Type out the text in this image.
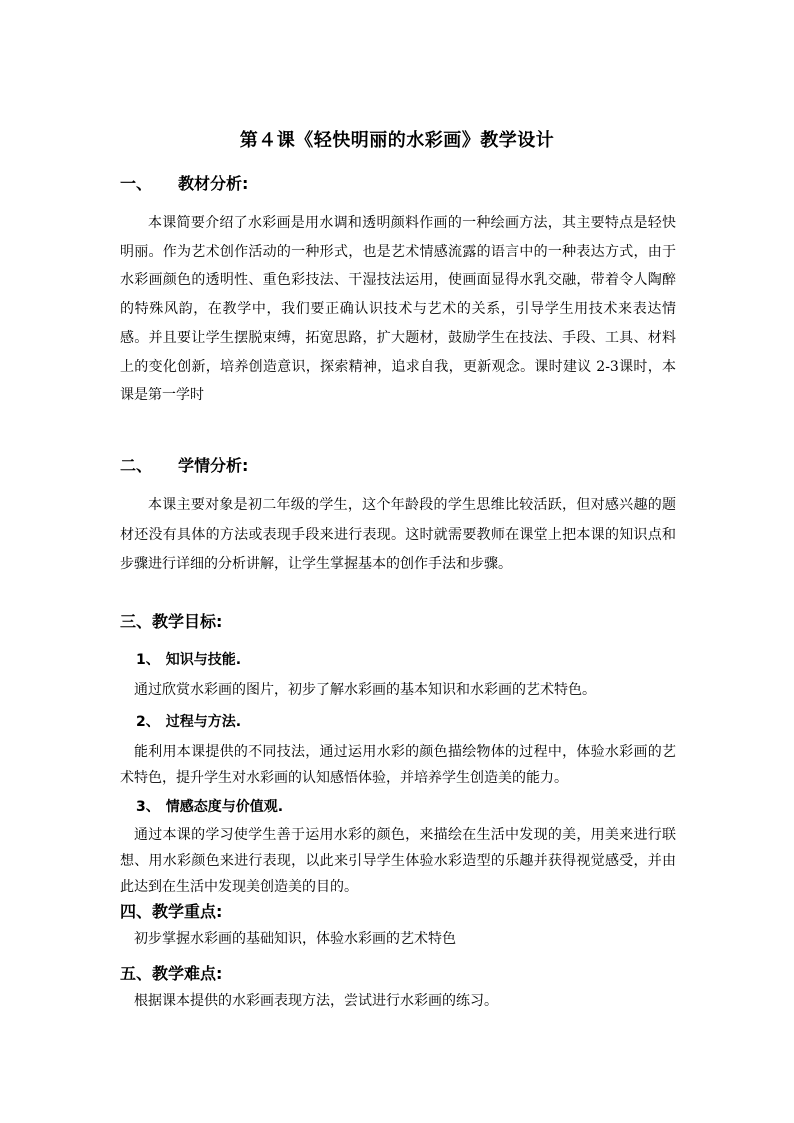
第４课《轻快明丽的水彩画》教学设计
一、 教材分析:
本课简要介绍了水彩画是用水调和透明颜料作画的一种绘画方法，其主要特点是轻快明丽。作为艺术创作活动的一种形式，也是艺术情感流露的语言中的一种表达方式，由于水彩画颜色的透明性、重色彩技法、干湿技法运用，使画面显得水乳交融，带着令人陶醉的特殊风韵，在教学中，我们要正确认识技术与艺术的关系，引导学生用技术来表达情感。并且要让学生摆脱束缚，拓宽思路，扩大题材，鼓励学生在技法、手段、工具、材料上的变化创新，培养创造意识，探索精神，追求自我，更新观念。课时建议 2-3课时，本课是第一学时
二、 学情分析:
本课主要对象是初二年级的学生，这个年龄段的学生思维比较活跃，但对感兴趣的题材还没有具体的方法或表现手段来进行表现。这时就需要教师在课堂上把本课的知识点和步骤进行详细的分析讲解，让学生掌握基本的创作手法和步骤。
三、教学目标:
1、 知识与技能.
通过欣赏水彩画的图片，初步了解水彩画的基本知识和水彩画的艺术特色。
2、 过程与方法.
能利用本课提供的不同技法，通过运用水彩的颜色描绘物体的过程中，体验水彩画的艺术特色，提升学生对水彩画的认知感悟体验，并培养学生创造美的能力。
3、 情感态度与价值观.
通过本课的学习使学生善于运用水彩的颜色，来描绘在生活中发现的美，用美来进行联想、用水彩颜色来进行表现，以此来引导学生体验水彩造型的乐趣并获得视觉感受，并由此达到在生活中发现美创造美的目的。
四、教学重点:
初步掌握水彩画的基础知识，体验水彩画的艺术特色
五、教学难点:
根据课本提供的水彩画表现方法，尝试进行水彩画的练习。
